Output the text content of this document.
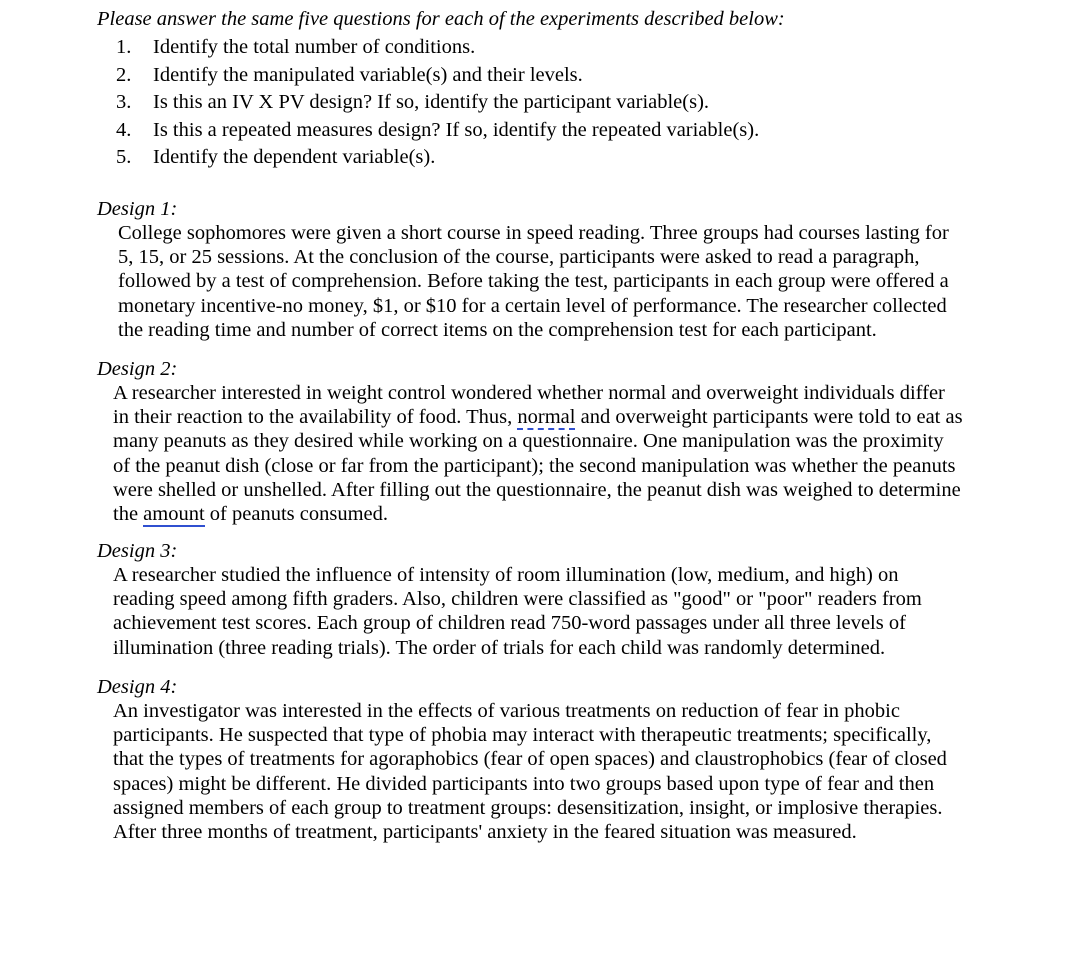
Please answer the same five questions for each of the experiments described below:
1. Identify the total number of conditions.
2. Identify the manipulated variable(s) and their levels.
3. Is this an IV X PV design? If so, identify the participant variable(s).
4. Is this a repeated measures design? If so, identify the repeated variable(s).
5. Identify the dependent variable(s).
Design 1:

College sophomores were given a short course in speed reading. Three groups had courses lasting for
5, 15, or 25 sessions. At the conclusion of the course, participants were asked to read a paragraph,
followed by a test of comprehension. Before taking the test, participants in each group were offered a
monetary incentive-no money, $1, or $10 for a certain level of performance. The researcher collected
the reading time and number of correct items on the comprehension test for each participant.

Design 2:

A researcher interested in weight control wondered whether normal and overweight individuals differ
in their reaction to the availability of food. Thus, normal and overweight participants were told to eat as
many peanuts as they desired while working on a questionnaire. One manipulation was the proximity
of the peanut dish (close or far from the participant); the second manipulation was whether the peanuts
were shelled or unshelled. After filling out the questionnaire, the peanut dish was weighed to determine
the amount of peanuts consumed.

Design 3:

A researcher studied the influence of intensity of room illumination (low, medium, and high) on
reading speed among fifth graders. Also, children were classified as "good" or "poor" readers from
achievement test scores. Each group of children read 750-word passages under all three levels of
illumination (three reading trials). The order of trials for each child was randomly determined.

Design 4:

An investigator was interested in the effects of various treatments on reduction of fear in phobic
participants. He suspected that type of phobia may interact with therapeutic treatments; specifically,
that the types of treatments for agoraphobics (fear of open spaces) and claustrophobics (fear of closed
spaces) might be different. He divided participants into two groups based upon type of fear and then
assigned members of each group to treatment groups: desensitization, insight, or implosive therapies.
After three months of treatment, participants' anxiety in the feared situation was measured.
